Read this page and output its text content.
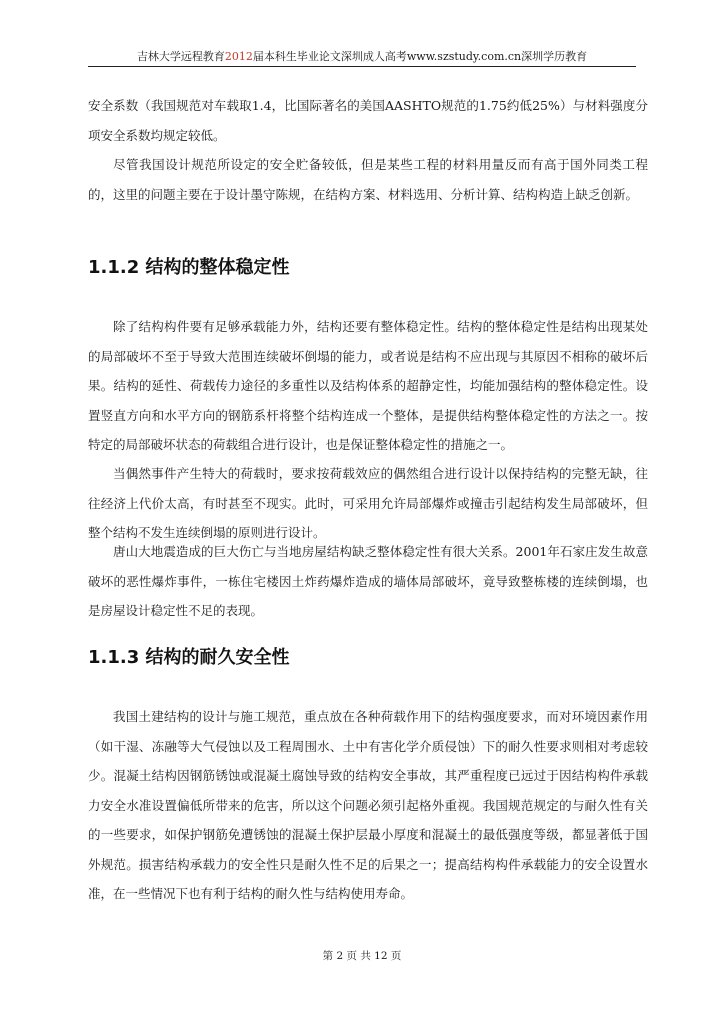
吉林大学远程教育2012届本科生毕业论文深圳成人高考www.szstudy.com.cn深圳学历教育

安全系数（我国规范对车载取1.4，比国际著名的美国AASHTO规范的1.75约低25%）与材料强度分项安全系数均规定较低。

尽管我国设计规范所设定的安全贮备较低，但是某些工程的材料用量反而有高于国外同类工程的，这里的问题主要在于设计墨守陈规，在结构方案、材料选用、分析计算、结构构造上缺乏创新。

1.1.2 结构的整体稳定性

除了结构构件要有足够承载能力外，结构还要有整体稳定性。结构的整体稳定性是结构出现某处的局部破坏不至于导致大范围连续破坏倒塌的能力，或者说是结构不应出现与其原因不相称的破坏后果。结构的延性、荷载传力途径的多重性以及结构体系的超静定性，均能加强结构的整体稳定性。设置竖直方向和水平方向的钢筋系杆将整个结构连成一个整体，是提供结构整体稳定性的方法之一。按特定的局部破坏状态的荷载组合进行设计，也是保证整体稳定性的措施之一。

当偶然事件产生特大的荷载时，要求按荷载效应的偶然组合进行设计以保持结构的完整无缺，往往经济上代价太高，有时甚至不现实。此时，可采用允许局部爆炸或撞击引起结构发生局部破坏，但整个结构不发生连续倒塌的原则进行设计。

唐山大地震造成的巨大伤亡与当地房屋结构缺乏整体稳定性有很大关系。2001年石家庄发生故意破坏的恶性爆炸事件，一栋住宅楼因土炸药爆炸造成的墙体局部破坏，竟导致整栋楼的连续倒塌，也是房屋设计稳定性不足的表现。

1.1.3 结构的耐久安全性

我国土建结构的设计与施工规范，重点放在各种荷载作用下的结构强度要求，而对环境因素作用（如干湿、冻融等大气侵蚀以及工程周围水、土中有害化学介质侵蚀）下的耐久性要求则相对考虑较少。混凝土结构因钢筋锈蚀或混凝土腐蚀导致的结构安全事故，其严重程度已远过于因结构构件承载力安全水准设置偏低所带来的危害，所以这个问题必须引起格外重视。我国规范规定的与耐久性有关的一些要求，如保护钢筋免遭锈蚀的混凝土保护层最小厚度和混凝土的最低强度等级，都显著低于国外规范。损害结构承载力的安全性只是耐久性不足的后果之一；提高结构构件承载能力的安全设置水准，在一些情况下也有利于结构的耐久性与结构使用寿命。

第 2 页 共 12 页
